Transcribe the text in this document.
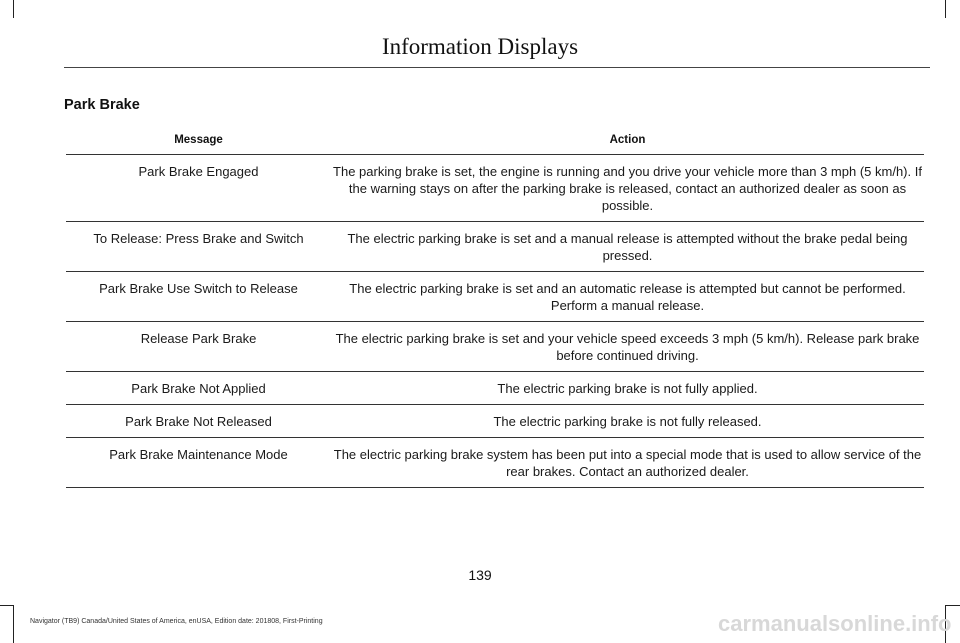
Information Displays
Park Brake
Message	Action
Park Brake Engaged	The parking brake is set, the engine is running and you drive your vehicle more than 3 mph (5 km/h). If the warning stays on after the parking brake is released, contact an authorized dealer as soon as possible.
To Release: Press Brake and Switch	The electric parking brake is set and a manual release is attempted without the brake pedal being pressed.
Park Brake Use Switch to Release	The electric parking brake is set and an automatic release is attempted but cannot be performed. Perform a manual release.
Release Park Brake	The electric parking brake is set and your vehicle speed exceeds 3 mph (5 km/h). Release park brake before continued driving.
Park Brake Not Applied	The electric parking brake is not fully applied.
Park Brake Not Released	The electric parking brake is not fully released.
Park Brake Maintenance Mode	The electric parking brake system has been put into a special mode that is used to allow service of the rear brakes. Contact an authorized dealer.
139
Navigator (TB9) Canada/United States of America, enUSA, Edition date: 201808, First-Printing	carmanualsonline.info
